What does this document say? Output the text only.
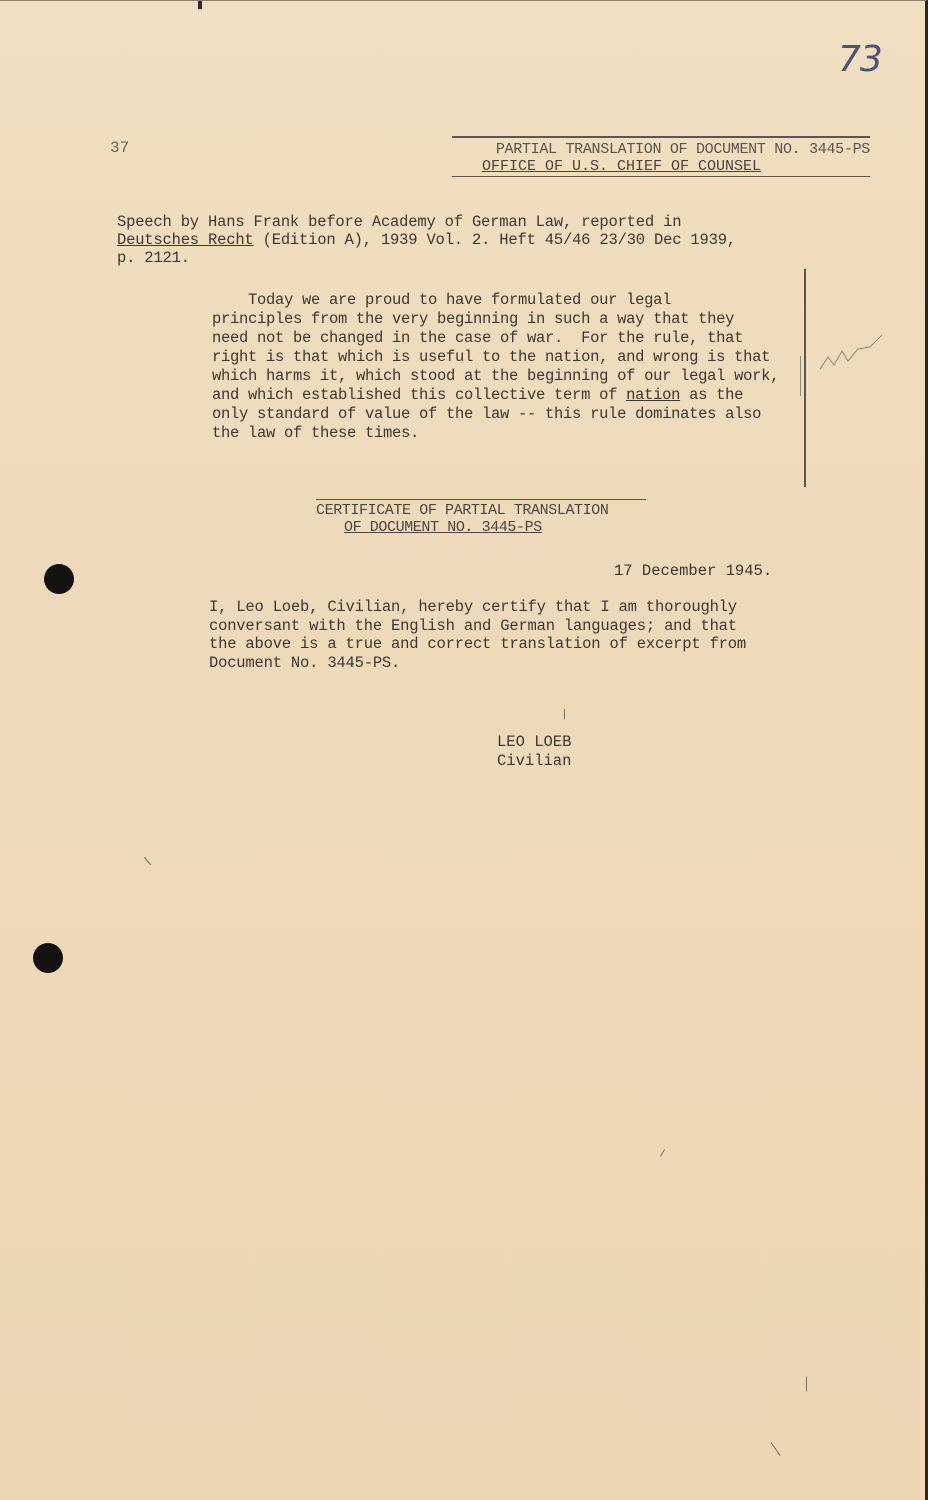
73
37	PARTIAL TRANSLATION OF DOCUMENT NO. 3445-PS
OFFICE OF U.S. CHIEF OF COUNSEL
Speech by Hans Frank before Academy of German Law, reported in
Deutsches Recht (Edition A), 1939 Vol. 2. Heft 45/46 23/30 Dec 1939,
p. 2121.
Today we are proud to have formulated our legal
principles from the very beginning in such a way that they
need not be changed in the case of war.  For the rule, that
right is that which is useful to the nation, and wrong is that
which harms it, which stood at the beginning of our legal work,
and which established this collective term of nation as the
only standard of value of the law -- this rule dominates also
the law of these times.
CERTIFICATE OF PARTIAL TRANSLATION
OF DOCUMENT NO. 3445-PS
17 December 1945.
I, Leo Loeb, Civilian, hereby certify that I am thoroughly
conversant with the English and German languages; and that
the above is a true and correct translation of excerpt from
Document No. 3445-PS.
LEO LOEB
Civilian
